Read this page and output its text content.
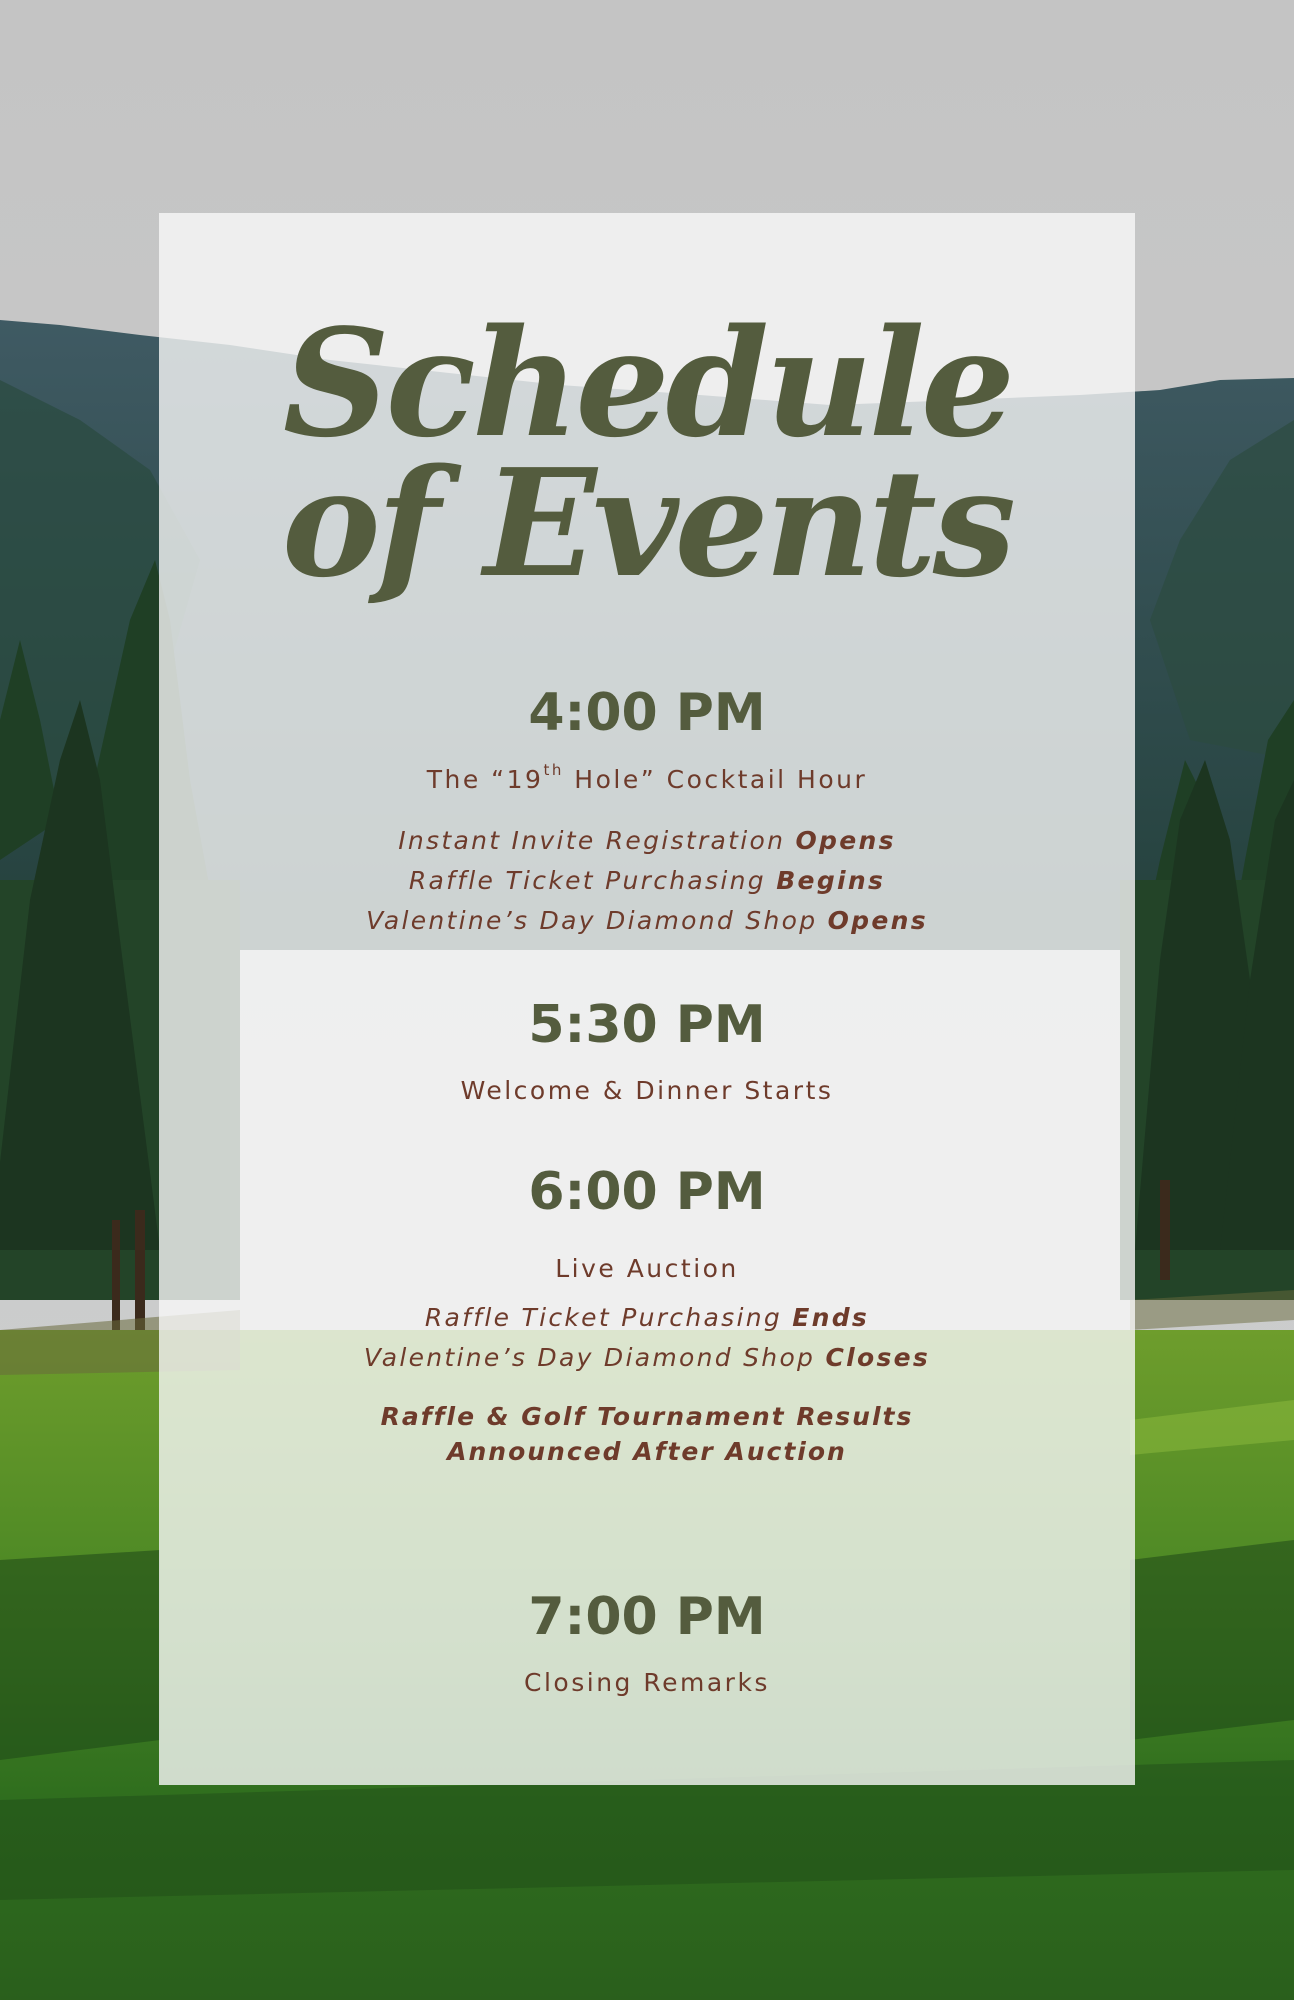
Schedule
of Events
4:00 PM
The “19th Hole” Cocktail Hour
Instant Invite Registration Opens
Raffle Ticket Purchasing Begins
Valentine’s Day Diamond Shop Opens
5:30 PM
Welcome & Dinner Starts
6:00 PM
Live Auction
Raffle Ticket Purchasing Ends
Valentine’s Day Diamond Shop Closes
Raffle & Golf Tournament Results
Announced After Auction
7:00 PM
Closing Remarks
